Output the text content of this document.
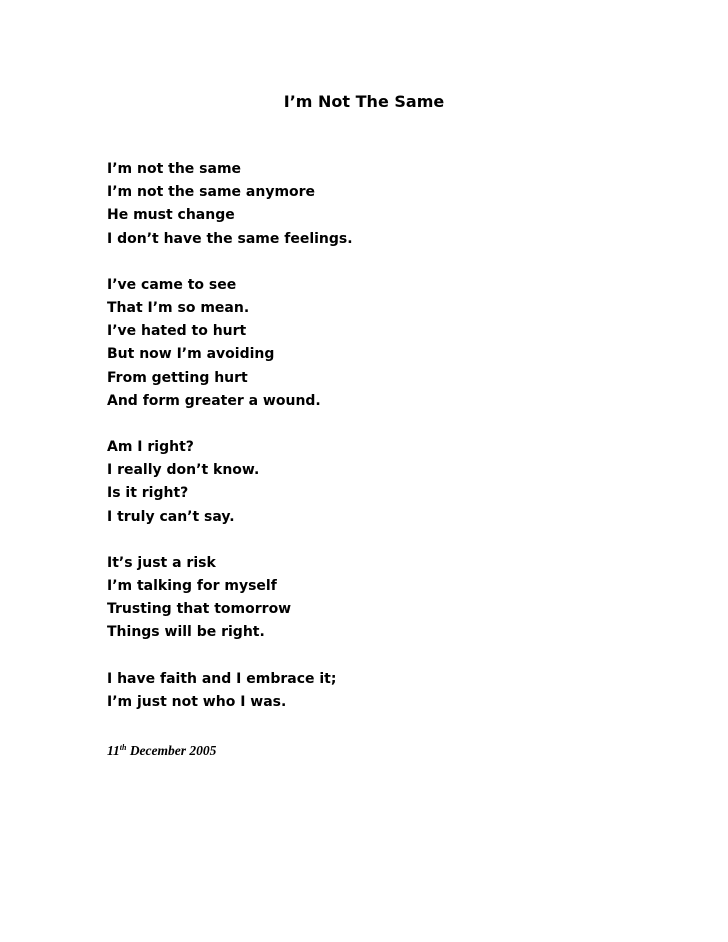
I’m Not The Same
I’m not the same
I’m not the same anymore
He must change
I don’t have the same feelings.
I’ve came to see
That I’m so mean.
I’ve hated to hurt
But now I’m avoiding
From getting hurt
And form greater a wound.
Am I right?
I really don’t know.
Is it right?
I truly can’t say.
It’s just a risk
I’m talking for myself
Trusting that tomorrow
Things will be right.
I have faith and I embrace it;
I’m just not who I was.
11th December 2005
